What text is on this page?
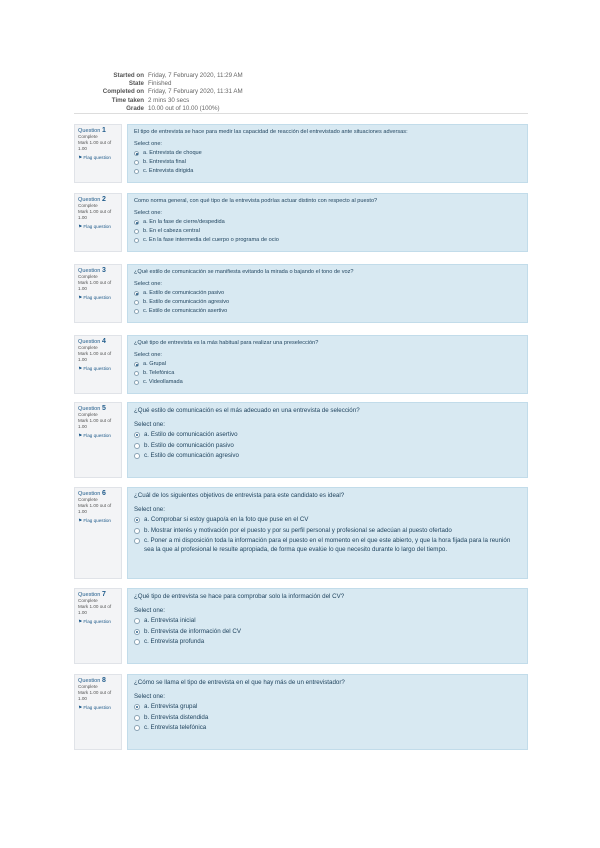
Started on Friday, 7 February 2020, 11:29 AM
State Finished
Completed on Friday, 7 February 2020, 11:31 AM
Time taken 2 mins 30 secs
Grade 10.00 out of 10.00 (100%)
Question 1
Complete
Mark 1.00 out of 1.00
⚑ Flag question
El tipo de entrevista se hace para medir las capacidad de reacción del entrevistado ante situaciones adversas:
Select one:
a. Entrevista de choque
b. Entrevista final
c. Entrevista dirigida
Question 2
Complete
Mark 1.00 out of 1.00
⚑ Flag question
Como norma general, con qué tipo de la entrevista podrías actuar distinto con respecto al puesto?
Select one:
a. En la fase de cierre/despedida
b. En el cabeza central
c. En la fase intermedia del cuerpo o programa de ocio
Question 3
Complete
Mark 1.00 out of 1.00
⚑ Flag question
¿Qué estilo de comunicación se manifiesta evitando la mirada o bajando el tono de voz?
Select one:
a. Estilo de comunicación pasivo
b. Estilo de comunicación agresivo
c. Estilo de comunicación asertivo
Question 4
Complete
Mark 1.00 out of 1.00
⚑ Flag question
¿Qué tipo de entrevista es la más habitual para realizar una preselección?
Select one:
a. Grupal
b. Telefónica
c. Videollamada
Question 5
Complete
Mark 1.00 out of 1.00
⚑ Flag question
¿Qué estilo de comunicación es el más adecuado en una entrevista de selección?
Select one:
a. Estilo de comunicación asertivo
b. Estilo de comunicación pasivo
c. Estilo de comunicación agresivo
Question 6
Complete
Mark 1.00 out of 1.00
⚑ Flag question
¿Cuál de los siguientes objetivos de entrevista para este candidato es ideal?
Select one:
a. Comprobar si estoy guapo/a en la foto que puse en el CV
b. Mostrar interés y motivación por el puesto y por su perfil personal y profesional se adecúan al puesto ofertado
c. Poner a mi disposición toda la información para el puesto en el momento en el que este abierto, y que la hora fijada para la reunión sea la que al profesional le resulte apropiada, de forma que evalúe lo que necesito durante lo largo del tiempo.
Question 7
Complete
Mark 1.00 out of 1.00
⚑ Flag question
¿Qué tipo de entrevista se hace para comprobar solo la información del CV?
Select one:
a. Entrevista inicial
b. Entrevista de información del CV
c. Entrevista profunda
Question 8
Complete
Mark 1.00 out of 1.00
⚑ Flag question
¿Cómo se llama el tipo de entrevista en el que hay más de un entrevistador?
Select one:
a. Entrevista grupal
b. Entrevista distendida
c. Entrevista telefónica
